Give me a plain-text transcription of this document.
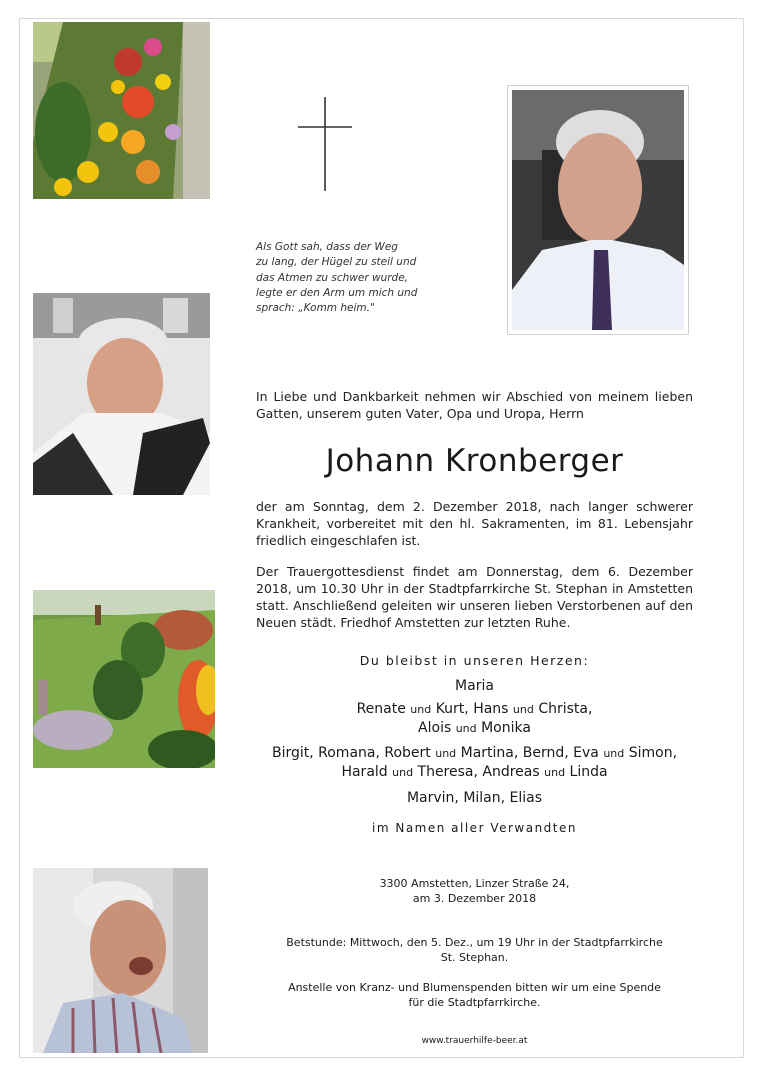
Als Gott sah, dass der Weg
zu lang, der Hügel zu steil und
das Atmen zu schwer wurde,
legte er den Arm um mich und
sprach: „Komm heim."
In Liebe und Dankbarkeit nehmen wir Abschied von meinem lieben Gatten, unserem guten Vater, Opa und Uropa, Herrn
Johann Kronberger
der am Sonntag, dem 2. Dezember 2018, nach langer schwerer Krankheit, vorbereitet mit den hl. Sakramenten, im 81. Lebensjahr friedlich eingeschlafen ist.
Der Trauergottesdienst findet am Donnerstag, dem 6. Dezember 2018, um 10.30 Uhr in der Stadtpfarrkirche St. Stephan in Amstetten statt. Anschließend geleiten wir unseren lieben Verstorbenen auf den Neuen städt. Friedhof Amstetten zur letzten Ruhe.
Du bleibst in unseren Herzen:
Maria
Renate und Kurt, Hans und Christa,
Alois und Monika
Birgit, Romana, Robert und Martina, Bernd, Eva und Simon,
Harald und Theresa, Andreas und Linda
Marvin, Milan, Elias
im Namen aller Verwandten
3300 Amstetten, Linzer Straße 24,
am 3. Dezember 2018
Betstunde: Mittwoch, den 5. Dez., um 19 Uhr in der Stadtpfarrkirche
St. Stephan.
Anstelle von Kranz- und Blumenspenden bitten wir um eine Spende
für die Stadtpfarrkirche.
www.trauerhilfe-beer.at
